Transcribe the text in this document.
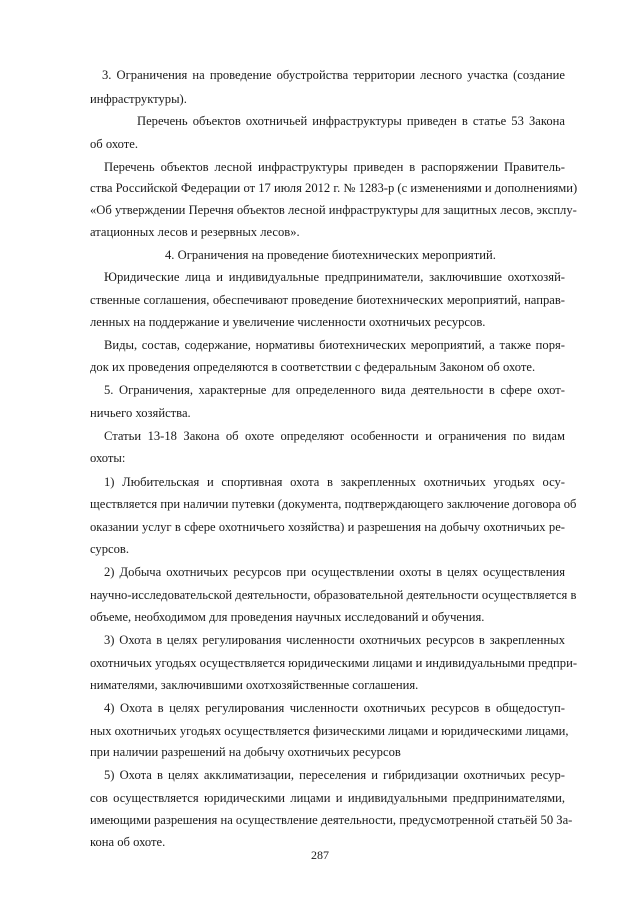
3. Ограничения на проведение обустройства территории лесного участка (создание
инфраструктуры).
Перечень объектов охотничьей инфраструктуры приведен в статье 53 Закона
об охоте.
Перечень объектов лесной инфраструктуры приведен в распоряжении Правитель-
ства Российской Федерации от 17 июля 2012 г. № 1283-р (с изменениями и дополнениями)
«Об утверждении Перечня объектов лесной инфраструктуры для защитных лесов, эксплу-
атационных лесов и резервных лесов».
4. Ограничения на проведение биотехнических мероприятий.
Юридические лица и индивидуальные предприниматели, заключившие охотхозяй-
ственные соглашения, обеспечивают проведение биотехнических мероприятий, направ-
ленных на поддержание и увеличение численности охотничьих ресурсов.
Виды, состав, содержание, нормативы биотехнических мероприятий, а также поря-
док их проведения определяются в соответствии с федеральным Законом об охоте.
5. Ограничения, характерные для определенного вида деятельности в сфере охот-
ничьего хозяйства.
Статьи 13-18 Закона об охоте определяют особенности и ограничения по видам
охоты:
1) Любительская и спортивная охота в закрепленных охотничьих угодьях осу-
ществляется при наличии путевки (документа, подтверждающего заключение договора об
оказании услуг в сфере охотничьего хозяйства) и разрешения на добычу охотничьих ре-
сурсов.
2) Добыча охотничьих ресурсов при осуществлении охоты в целях осуществления
научно-исследовательской деятельности, образовательной деятельности осуществляется в
объеме, необходимом для проведения научных исследований и обучения.
3) Охота в целях регулирования численности охотничьих ресурсов в закрепленных
охотничьих угодьях осуществляется юридическими лицами и индивидуальными предпри-
нимателями, заключившими охотхозяйственные соглашения.
4) Охота в целях регулирования численности охотничьих ресурсов в общедоступ-
ных охотничьих угодьях осуществляется физическими лицами и юридическими лицами,
при наличии разрешений на добычу охотничьих ресурсов
5) Охота в целях акклиматизации, переселения и гибридизации охотничьих ресур-
сов осуществляется юридическими лицами и индивидуальными предпринимателями,
имеющими разрешения на осуществление деятельности, предусмотренной статьёй 50 За-
кона об охоте.
287
